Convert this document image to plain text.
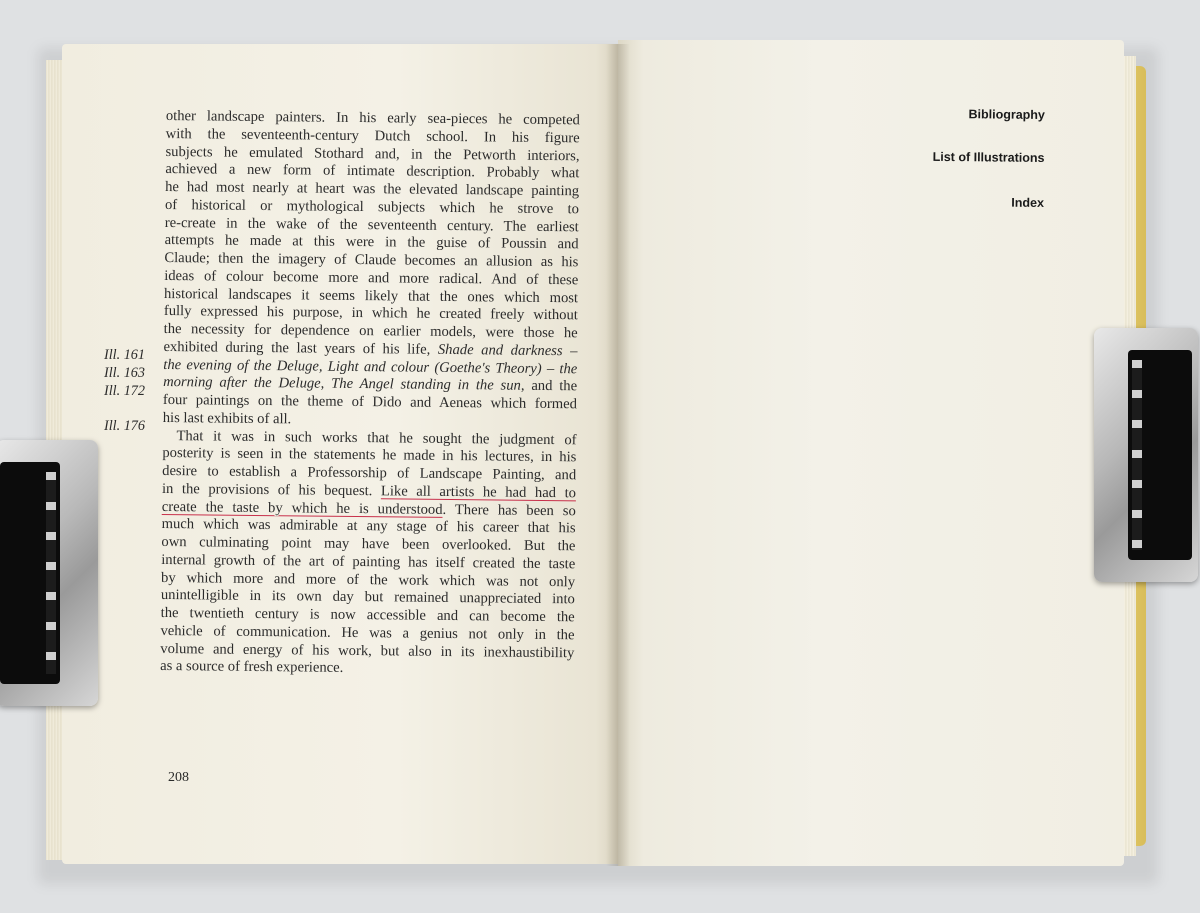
Ill. 161
Ill. 163
Ill. 172
Ill. 176
other landscape painters. In his early sea-pieces he competed
with the seventeenth-century Dutch school. In his figure
subjects he emulated Stothard and, in the Petworth interiors,
achieved a new form of intimate description. Probably what
he had most nearly at heart was the elevated landscape painting
of historical or mythological subjects which he strove to
re-create in the wake of the seventeenth century. The earliest
attempts he made at this were in the guise of Poussin and
Claude; then the imagery of Claude becomes an allusion as his
ideas of colour become more and more radical. And of these
historical landscapes it seems likely that the ones which most
fully expressed his purpose, in which he created freely without
the necessity for dependence on earlier models, were those he
exhibited during the last years of his life, Shade and darkness –
the evening of the Deluge, Light and colour (Goethe's Theory) – the
morning after the Deluge, The Angel standing in the sun, and the
four paintings on the theme of Dido and Aeneas which formed
his last exhibits of all.
That it was in such works that he sought the judgment of
posterity is seen in the statements he made in his lectures, in his
desire to establish a Professorship of Landscape Painting, and
in the provisions of his bequest. Like all artists he had had to
create the taste by which he is understood. There has been so
much which was admirable at any stage of his career that his
own culminating point may have been overlooked. But the
internal growth of the art of painting has itself created the taste
by which more and more of the work which was not only
unintelligible in its own day but remained unappreciated into
the twentieth century is now accessible and can become the
vehicle of communication. He was a genius not only in the
volume and energy of his work, but also in its inexhaustibility
as a source of fresh experience.
208
Bibliography
List of Illustrations
Index
